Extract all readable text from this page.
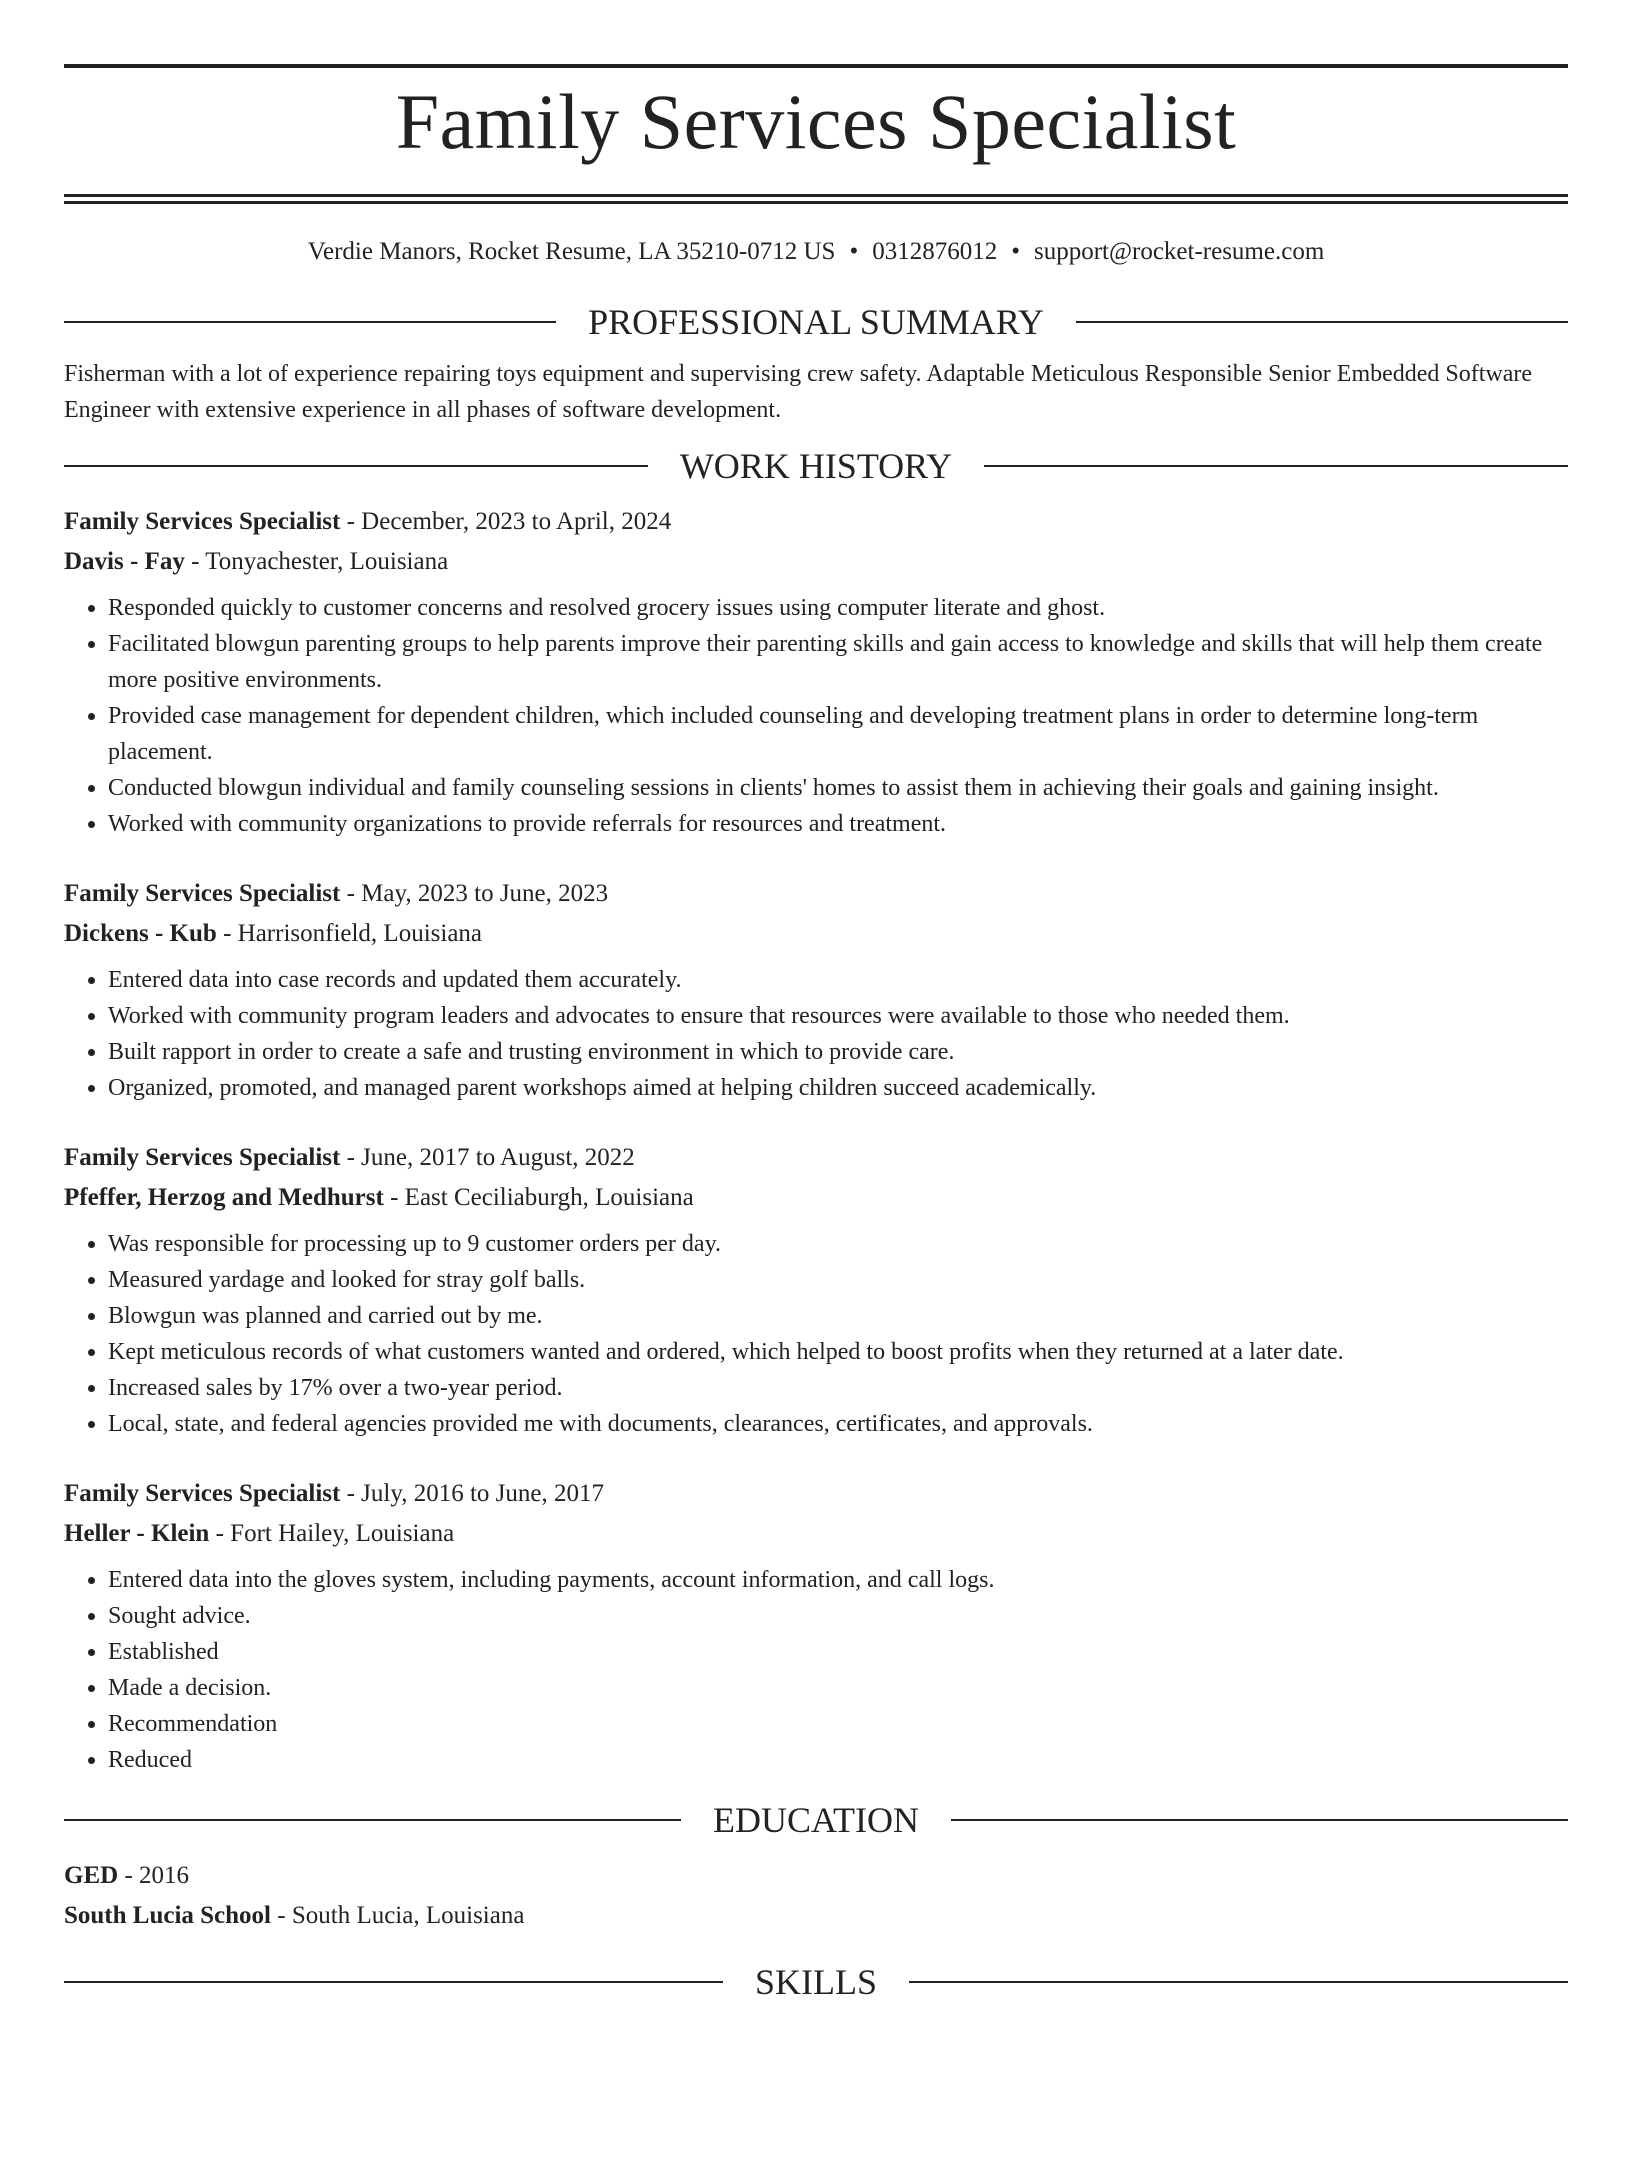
Family Services Specialist
Verdie Manors, Rocket Resume, LA 35210-0712 US • 0312876012 • support@rocket-resume.com
PROFESSIONAL SUMMARY

Fisherman with a lot of experience repairing toys equipment and supervising crew safety. Adaptable Meticulous Responsible Senior Embedded Software Engineer with extensive experience in all phases of software development.

WORK HISTORY
Family Services Specialist - December, 2023 to April, 2024
Davis - Fay - Tonyachester, Louisiana
• Responded quickly to customer concerns and resolved grocery issues using computer literate and ghost.
• Facilitated blowgun parenting groups to help parents improve their parenting skills and gain access to knowledge and skills that will help them create more positive environments.
• Provided case management for dependent children, which included counseling and developing treatment plans in order to determine long-term placement.
• Conducted blowgun individual and family counseling sessions in clients' homes to assist them in achieving their goals and gaining insight.
• Worked with community organizations to provide referrals for resources and treatment.
Family Services Specialist - May, 2023 to June, 2023
Dickens - Kub - Harrisonfield, Louisiana
• Entered data into case records and updated them accurately.
• Worked with community program leaders and advocates to ensure that resources were available to those who needed them.
• Built rapport in order to create a safe and trusting environment in which to provide care.
• Organized, promoted, and managed parent workshops aimed at helping children succeed academically.
Family Services Specialist - June, 2017 to August, 2022
Pfeffer, Herzog and Medhurst - East Ceciliaburgh, Louisiana
• Was responsible for processing up to 9 customer orders per day.
• Measured yardage and looked for stray golf balls.
• Blowgun was planned and carried out by me.
• Kept meticulous records of what customers wanted and ordered, which helped to boost profits when they returned at a later date.
• Increased sales by 17% over a two-year period.
• Local, state, and federal agencies provided me with documents, clearances, certificates, and approvals.
Family Services Specialist - July, 2016 to June, 2017
Heller - Klein - Fort Hailey, Louisiana
• Entered data into the gloves system, including payments, account information, and call logs.
• Sought advice.
• Established
• Made a decision.
• Recommendation
• Reduced
EDUCATION
GED - 2016
South Lucia School - South Lucia, Louisiana
SKILLS
